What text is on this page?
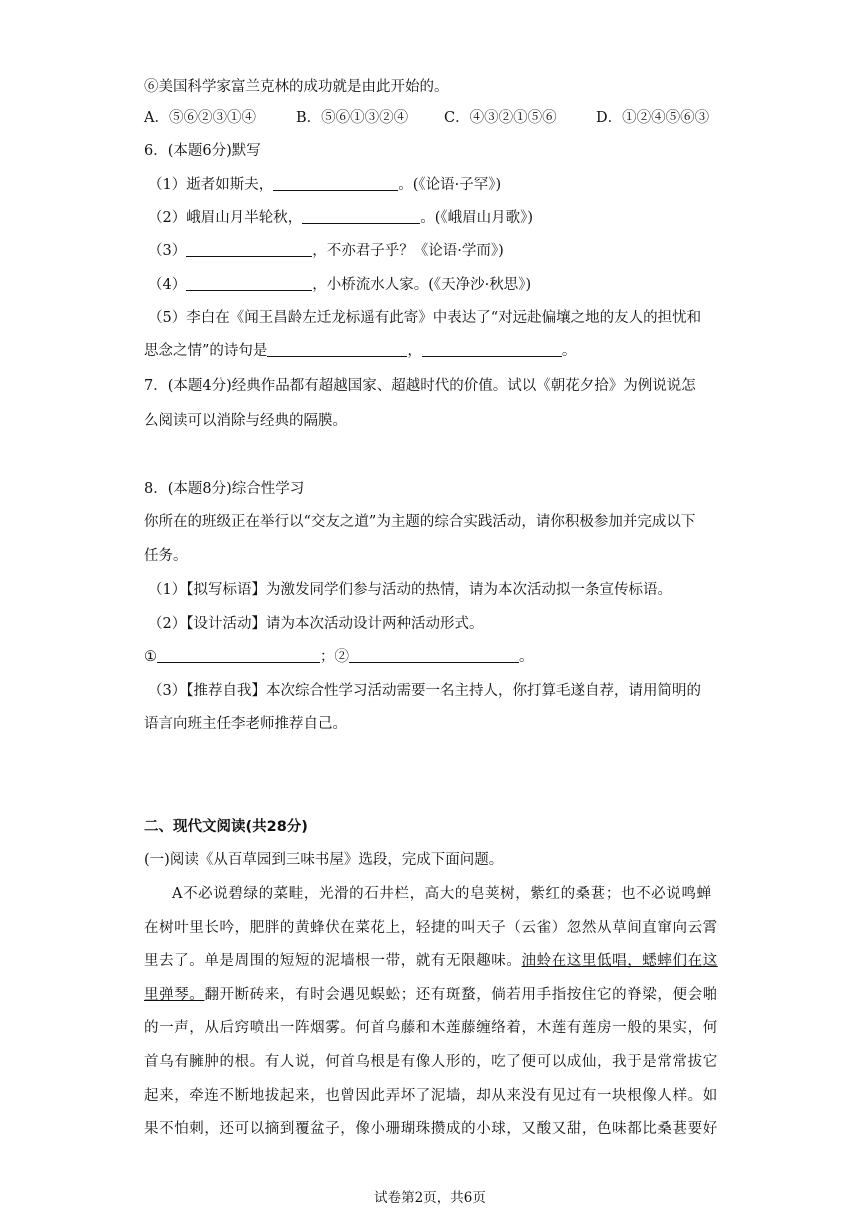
⑥美国科学家富兰克林的成功就是由此开始的。
A．⑤⑥②③①④	B．⑤⑥①③②④	C．④③②①⑤⑥	D．①②④⑤⑥③
6．(本题6分)默写
（1）逝者如斯夫，	。(《论语·子罕》)
（2）峨眉山月半轮秋，	。(《峨眉山月歌》)
（3）	，不亦君子乎？《论语·学而》)
（4）	，小桥流水人家。(《天净沙·秋思》)
（5）李白在《闻王昌龄左迁龙标遥有此寄》中表达了“对远赴偏壤之地的友人的担忧和
思念之情”的诗句是	，	。
7．(本题4分)经典作品都有超越国家、超越时代的价值。试以《朝花夕拾》为例说说怎
么阅读可以消除与经典的隔膜。
8．(本题8分)综合性学习
你所在的班级正在举行以“交友之道”为主题的综合实践活动，请你积极参加并完成以下
任务。
（1）【拟写标语】为激发同学们参与活动的热情，请为本次活动拟一条宣传标语。
（2）【设计活动】请为本次活动设计两种活动形式。
①	；②	。
（3）【推荐自我】本次综合性学习活动需要一名主持人，你打算毛遂自荐，请用简明的
语言向班主任李老师推荐自己。
二、现代文阅读(共28分)
(一)阅读《从百草园到三味书屋》选段，完成下面问题。
A不必说碧绿的菜畦，光滑的石井栏，高大的皂荚树，紫红的桑葚；也不必说鸣蝉
在树叶里长吟，肥胖的黄蜂伏在菜花上，轻捷的叫天子（云雀）忽然从草间直窜向云霄
里去了。单是周围的短短的泥墙根一带，就有无限趣味。油蛉在这里低唱，蟋蟀们在这
里弹琴。翻开断砖来，有时会遇见蜈蚣；还有斑蝥，倘若用手指按住它的脊梁，便会啪
的一声，从后窍喷出一阵烟雾。何首乌藤和木莲藤缠络着，木莲有莲房一般的果实，何
首乌有臃肿的根。有人说，何首乌根是有像人形的，吃了便可以成仙，我于是常常拔它
起来，牵连不断地拔起来，也曾因此弄坏了泥墙，却从来没有见过有一块根像人样。如
果不怕刺，还可以摘到覆盆子，像小珊瑚珠攒成的小球，又酸又甜，色味都比桑葚要好
试卷第2页，共6页
